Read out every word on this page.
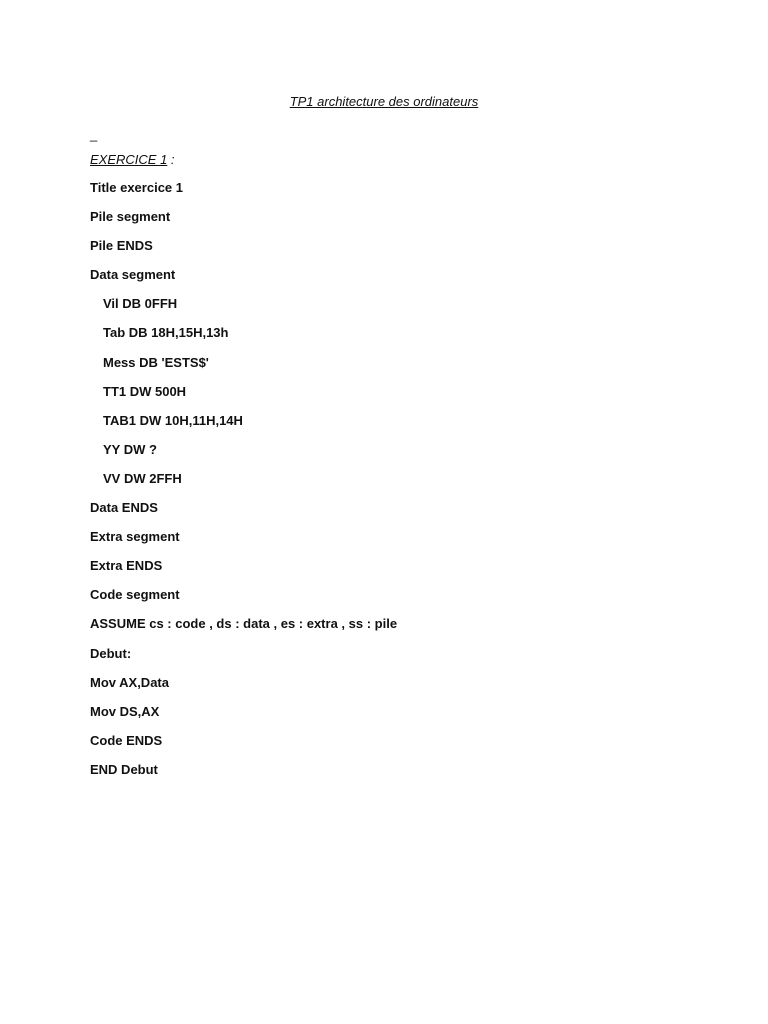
TP1 architecture des ordinateurs
_
EXERCICE 1 :
Title exercice 1
Pile segment
Pile ENDS
Data segment
Vil DB 0FFH
Tab DB 18H,15H,13h
Mess DB 'ESTS$'
TT1 DW 500H
TAB1 DW 10H,11H,14H
YY DW ?
VV DW 2FFH
Data ENDS
Extra segment
Extra ENDS
Code segment
ASSUME cs : code , ds : data , es : extra , ss : pile
Debut:
Mov AX,Data
Mov DS,AX
Code ENDS
END Debut
